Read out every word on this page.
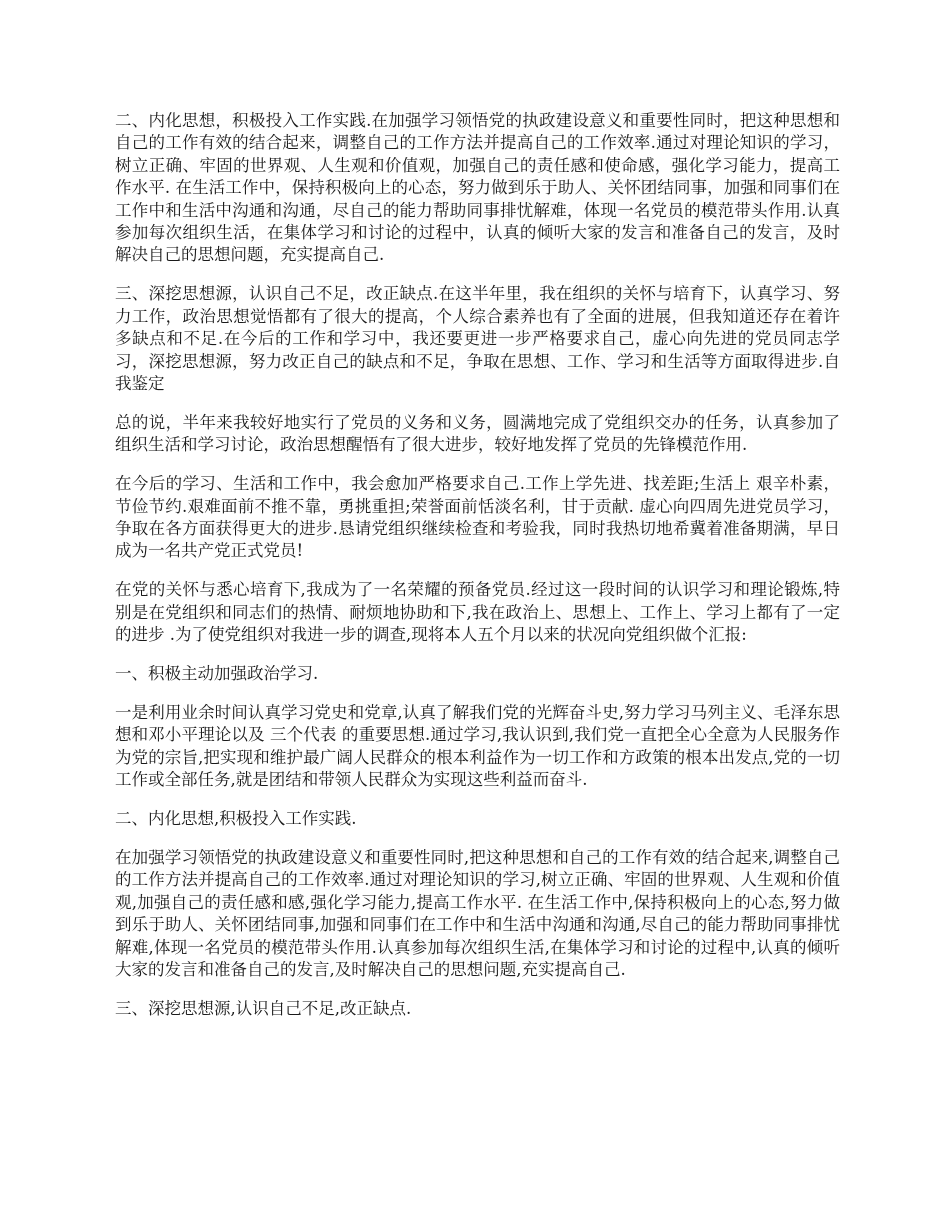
二、内化思想，积极投入工作实践.在加强学习领悟党的执政建设意义和重要性同时，把这种思想和自己的工作有效的结合起来，调整自己的工作方法并提高自己的工作效率.通过对理论知识的学习，树立正确、牢固的世界观、人生观和价值观，加强自己的责任感和使命感，强化学习能力，提高工作水平. 在生活工作中，保持积极向上的心态，努力做到乐于助人、关怀团结同事，加强和同事们在工作中和生活中沟通和沟通，尽自己的能力帮助同事排忧解难，体现一名党员的模范带头作用.认真参加每次组织生活，在集体学习和讨论的过程中，认真的倾听大家的发言和准备自己的发言，及时解决自己的思想问题，充实提高自己.

三、深挖思想源，认识自己不足，改正缺点.在这半年里，我在组织的关怀与培育下，认真学习、努力工作，政治思想觉悟都有了很大的提高，个人综合素养也有了全面的进展，但我知道还存在着许多缺点和不足.在今后的工作和学习中，我还要更进一步严格要求自己，虚心向先进的党员同志学习，深挖思想源，努力改正自己的缺点和不足，争取在思想、工作、学习和生活等方面取得进步.自我鉴定

总的说，半年来我较好地实行了党员的义务和义务，圆满地完成了党组织交办的任务，认真参加了组织生活和学习讨论，政治思想醒悟有了很大进步，较好地发挥了党员的先锋模范作用.

在今后的学习、生活和工作中，我会愈加严格要求自己.工作上学先进、找差距;生活上 艰辛朴素，节俭节约.艰难面前不推不靠，勇挑重担;荣誉面前恬淡名利，甘于贡献. 虚心向四周先进党员学习，争取在各方面获得更大的进步.恳请党组织继续检查和考验我，同时我热切地希冀着准备期满，早日成为一名共产党正式党员!

在党的关怀与悉心培育下,我成为了一名荣耀的预备党员.经过这一段时间的认识学习和理论锻炼,特别是在党组织和同志们的热情、耐烦地协助和下,我在政治上、思想上、工作上、学习上都有了一定的进步 .为了使党组织对我进一步的调查,现将本人五个月以来的状况向党组织做个汇报:

一、积极主动加强政治学习.

一是利用业余时间认真学习党史和党章,认真了解我们党的光辉奋斗史,努力学习马列主义、毛泽东思想和邓小平理论以及 三个代表 的重要思想.通过学习,我认识到,我们党一直把全心全意为人民服务作为党的宗旨,把实现和维护最广阔人民群众的根本利益作为一切工作和方政策的根本出发点,党的一切工作或全部任务,就是团结和带领人民群众为实现这些利益而奋斗.

二、内化思想,积极投入工作实践.

在加强学习领悟党的执政建设意义和重要性同时,把这种思想和自己的工作有效的结合起来,调整自己的工作方法并提高自己的工作效率.通过对理论知识的学习,树立正确、牢固的世界观、人生观和价值观,加强自己的责任感和感,强化学习能力,提高工作水平. 在生活工作中,保持积极向上的心态,努力做到乐于助人、关怀团结同事,加强和同事们在工作中和生活中沟通和沟通,尽自己的能力帮助同事排忧解难,体现一名党员的模范带头作用.认真参加每次组织生活,在集体学习和讨论的过程中,认真的倾听大家的发言和准备自己的发言,及时解决自己的思想问题,充实提高自己.

三、深挖思想源,认识自己不足,改正缺点.
